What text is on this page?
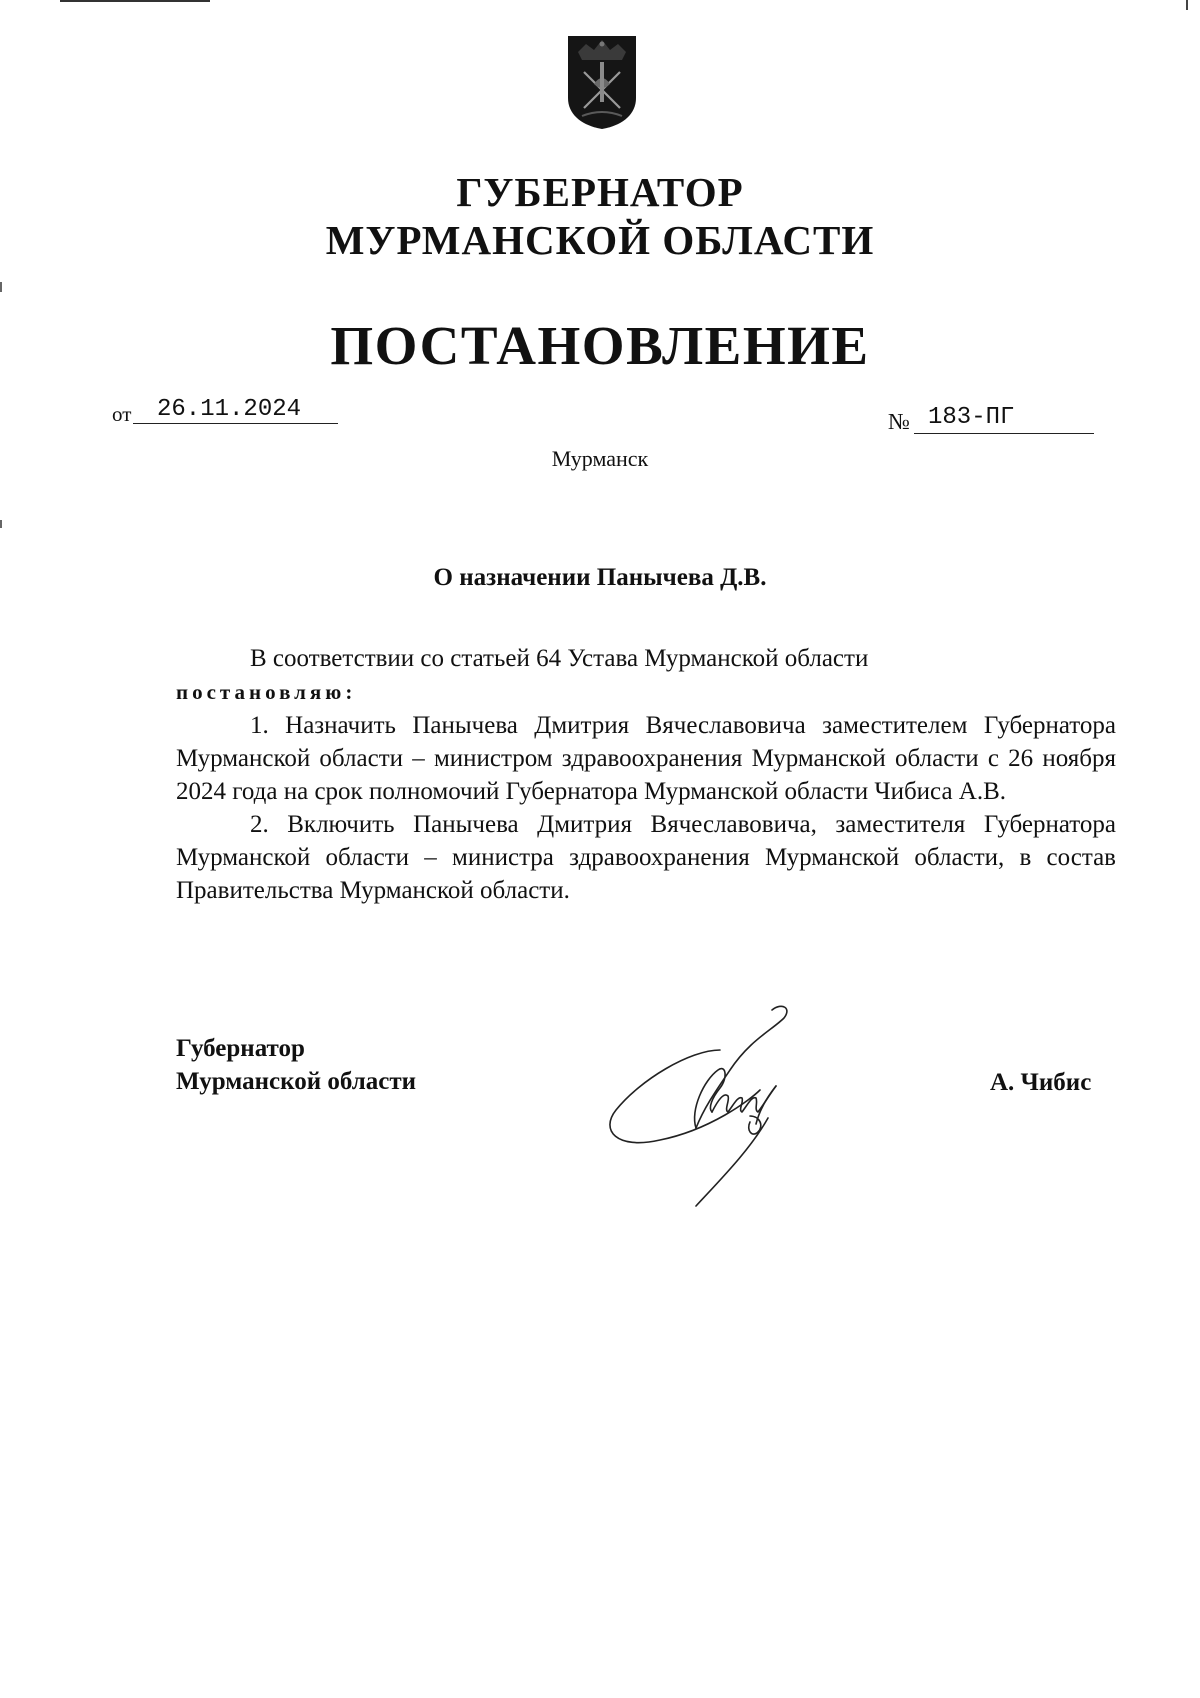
ГУБЕРНАТОР
МУРМАНСКОЙ ОБЛАСТИ
ПОСТАНОВЛЕНИЕ
от	26.11.2024	№ 183-ПГ
Мурманск
О назначении Панычева Д.В.

В соответствии со статьей 64 Устава Мурманской области

постановляю:

1. Назначить Панычева Дмитрия Вячеславовича заместителем Губернатора Мурманской области – министром здравоохранения Мурманской области с 26 ноября 2024 года на срок полномочий Губернатора Мурманской области Чибиса А.В.

2. Включить Панычева Дмитрия Вячеславовича, заместителя Губернатора Мурманской области – министра здравоохранения Мурманской области, в состав Правительства Мурманской области.

Губернатор
Мурманской области	А. Чибис
